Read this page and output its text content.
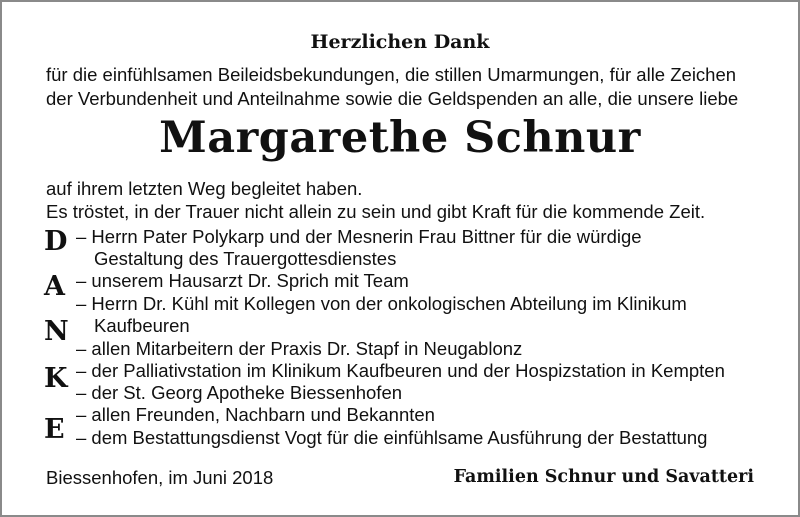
Herzlichen Dank
für die einfühlsamen Beileidsbekundungen, die stillen Umarmungen, für alle Zeichen
der Verbundenheit und Anteilnahme sowie die Geldspenden an alle, die unsere liebe
Margarethe Schnur
auf ihrem letzten Weg begleitet haben.
Es tröstet, in der Trauer nicht allein zu sein und gibt Kraft für die kommende Zeit.
D
A
N
K
E
– Herrn Pater Polykarp und der Mesnerin Frau Bittner für die würdige
Gestaltung des Trauergottesdienstes
– unserem Hausarzt Dr. Sprich mit Team
– Herrn Dr. Kühl mit Kollegen von der onkologischen Abteilung im Klinikum
Kaufbeuren
– allen Mitarbeitern der Praxis Dr. Stapf in Neugablonz
– der Palliativstation im Klinikum Kaufbeuren und der Hospizstation in Kempten
– der St. Georg Apotheke Biessenhofen
– allen Freunden, Nachbarn und Bekannten
– dem Bestattungsdienst Vogt für die einfühlsame Ausführung der Bestattung
Biessenhofen, im Juni 2018	Familien Schnur und Savatteri
